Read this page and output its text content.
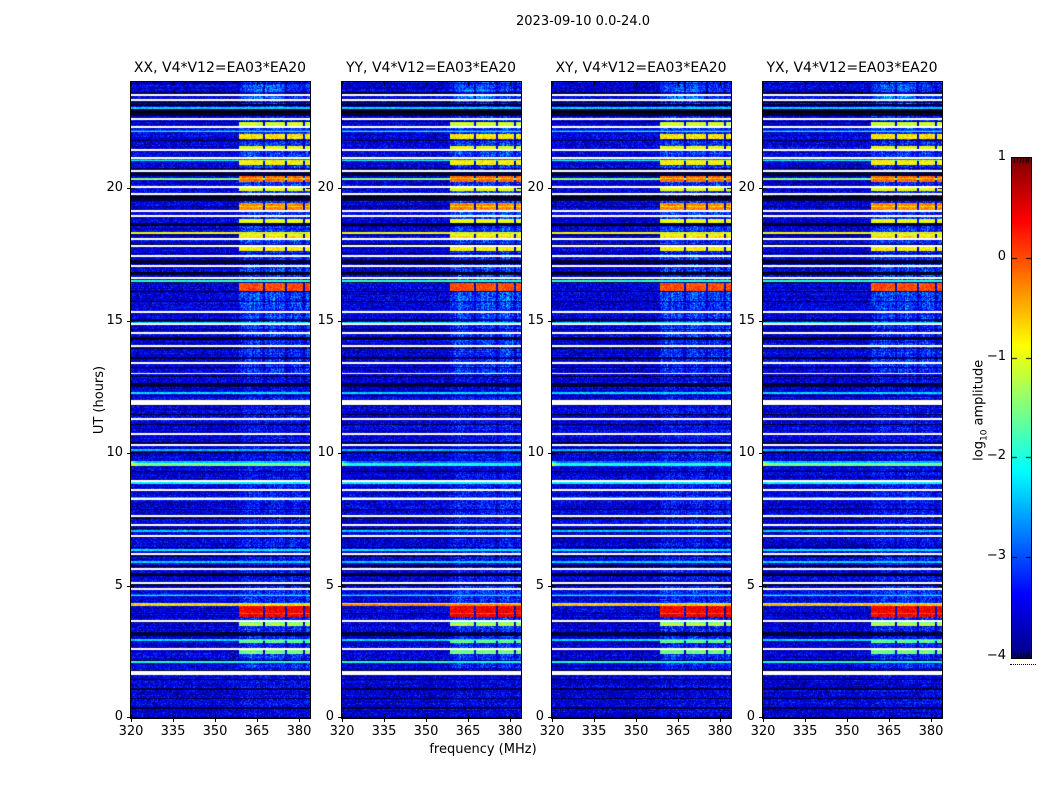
2023-09-10 0.0-24.0
XX, V4*V12=EA03*EA20	YY, V4*V12=EA03*EA20	XY, V4*V12=EA03*EA20	YX, V4*V12=EA03*EA20
UT (hours)
frequency (MHz)
$\log_{10}$ amplitude
320 335 350 365 380
0
5
10
15
20
320 335 350 365 380
0
5
10
15
20
320 335 350 365 380
0
5
10
15
20
320 335 350 365 380
0
5
10
15
20
1
0
−1
−2
−3
−4
